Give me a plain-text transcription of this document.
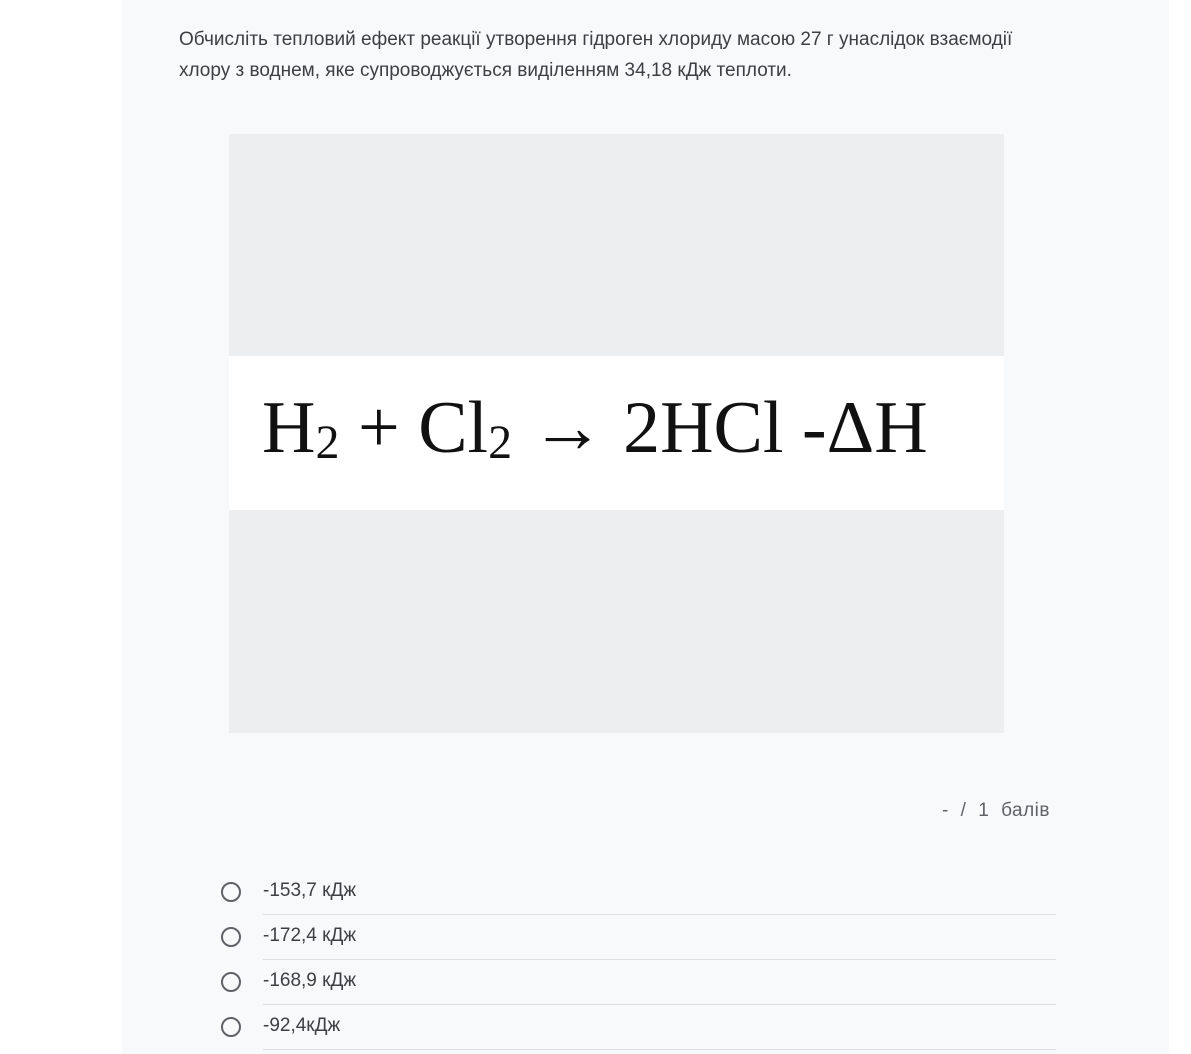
Обчисліть тепловий ефект реакції утворення гідроген хлориду масою 27 г унаслідок взаємодії хлору з воднем, яке супроводжується виділенням 34,18 кДж теплоти.

$H_2 + Cl_2 \to 2HCl$ -ΔH
- / 1 балів
-153,7 кДж
-172,4 кДж
-168,9 кДж
-92,4кДж
